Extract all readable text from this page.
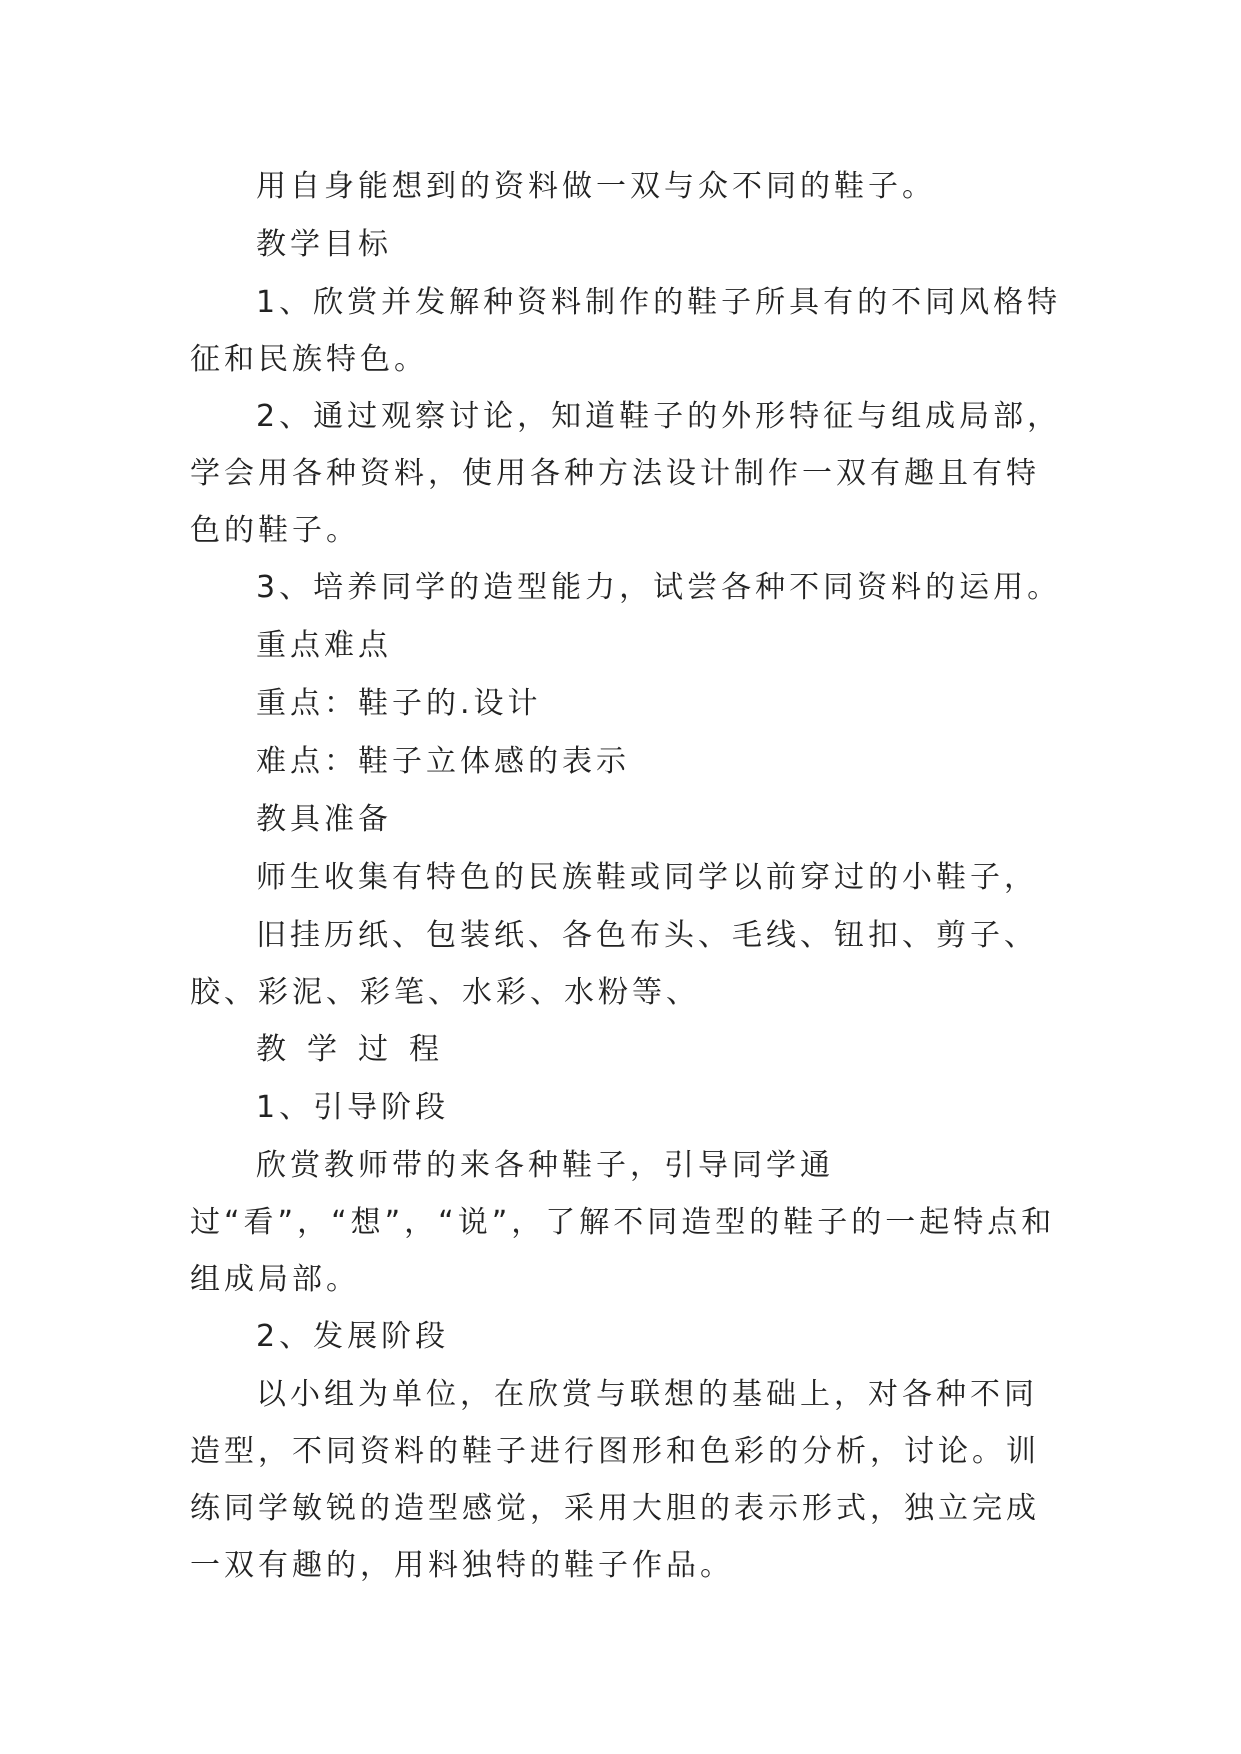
用自身能想到的资料做一双与众不同的鞋子。

教学目标

1、欣赏并发解种资料制作的鞋子所具有的不同风格特征和民族特色。

2、通过观察讨论，知道鞋子的外形特征与组成局部，学会用各种资料，使用各种方法设计制作一双有趣且有特色的鞋子。

3、培养同学的造型能力，试尝各种不同资料的运用。

重点难点

重点：鞋子的.设计

难点：鞋子立体感的表示

教具准备

师生收集有特色的民族鞋或同学以前穿过的小鞋子，

旧挂历纸、包装纸、各色布头、毛线、钮扣、剪子、胶、彩泥、彩笔、水彩、水粉等、

教学过程

1、引导阶段

欣赏教师带的来各种鞋子，引导同学通过“看”，“想”，“说”，了解不同造型的鞋子的一起特点和组成局部。

2、发展阶段

以小组为单位，在欣赏与联想的基础上，对各种不同造型，不同资料的鞋子进行图形和色彩的分析，讨论。训练同学敏锐的造型感觉，采用大胆的表示形式，独立完成一双有趣的，用料独特的鞋子作品。
